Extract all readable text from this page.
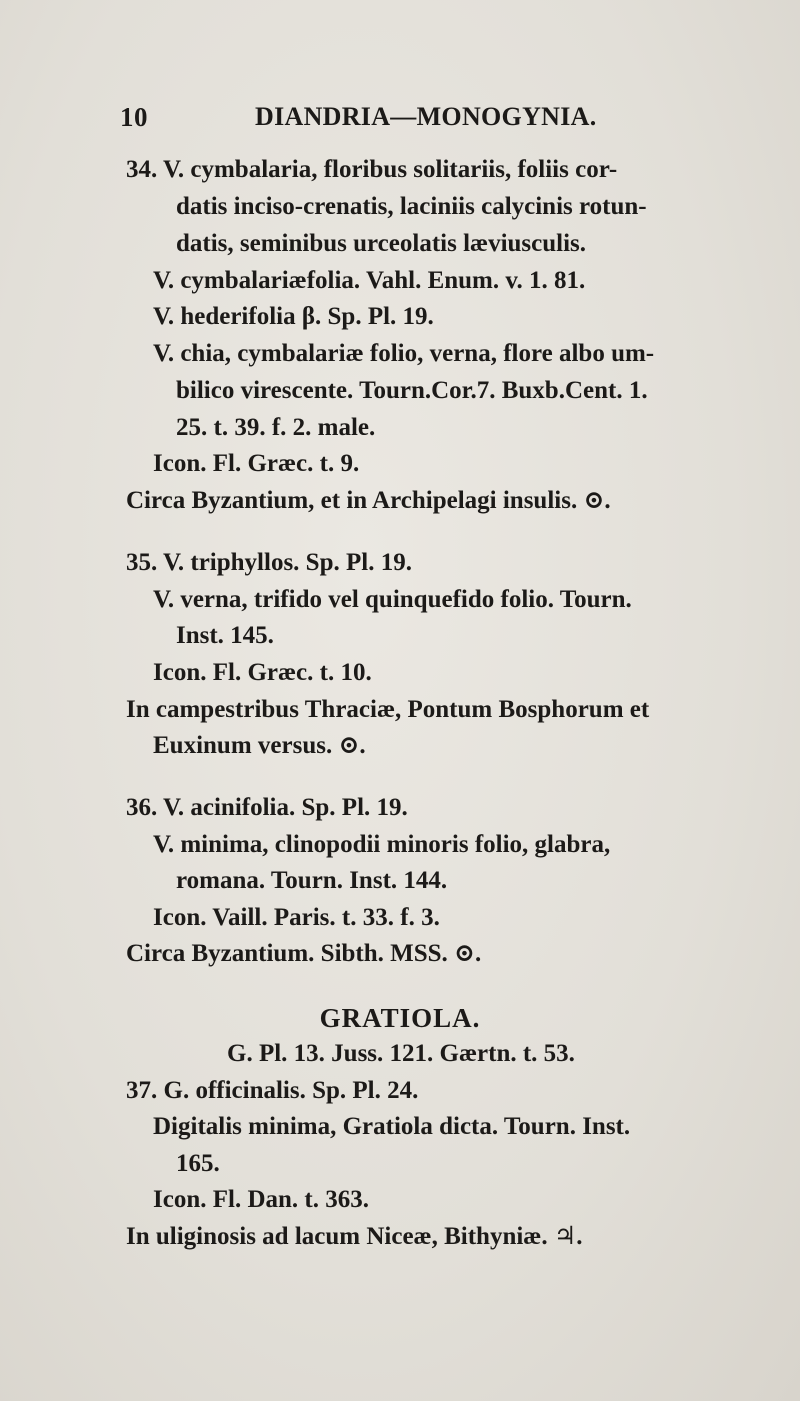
10	DIANDRIA—MONOGYNIA.
34. V. cymbalaria, floribus solitariis, foliis cor-
datis inciso-crenatis, laciniis calycinis rotun-
datis, seminibus urceolatis læviusculis.
V. cymbalariæfolia. Vahl. Enum. v. 1. 81.
V. hederifolia β. Sp. Pl. 19.
V. chia, cymbalariæ folio, verna, flore albo um-
bilico virescente. Tourn.Cor.7. Buxb.Cent. 1.
25. t. 39. f. 2. male.
Icon. Fl. Græc. t. 9.
Circa Byzantium, et in Archipelagi insulis. ⊙.
35. V. triphyllos. Sp. Pl. 19.
V. verna, trifido vel quinquefido folio. Tourn.
Inst. 145.
Icon. Fl. Græc. t. 10.
In campestribus Thraciæ, Pontum Bosphorum et
Euxinum versus. ⊙.
36. V. acinifolia. Sp. Pl. 19.
V. minima, clinopodii minoris folio, glabra,
romana. Tourn. Inst. 144.
Icon. Vaill. Paris. t. 33. f. 3.
Circa Byzantium. Sibth. MSS. ⊙.
GRATIOLA.
G. Pl. 13. Juss. 121. Gærtn. t. 53.
37. G. officinalis. Sp. Pl. 24.
Digitalis minima, Gratiola dicta. Tourn. Inst.
165.
Icon. Fl. Dan. t. 363.
In uliginosis ad lacum Niceæ, Bithyniæ. ♃.
